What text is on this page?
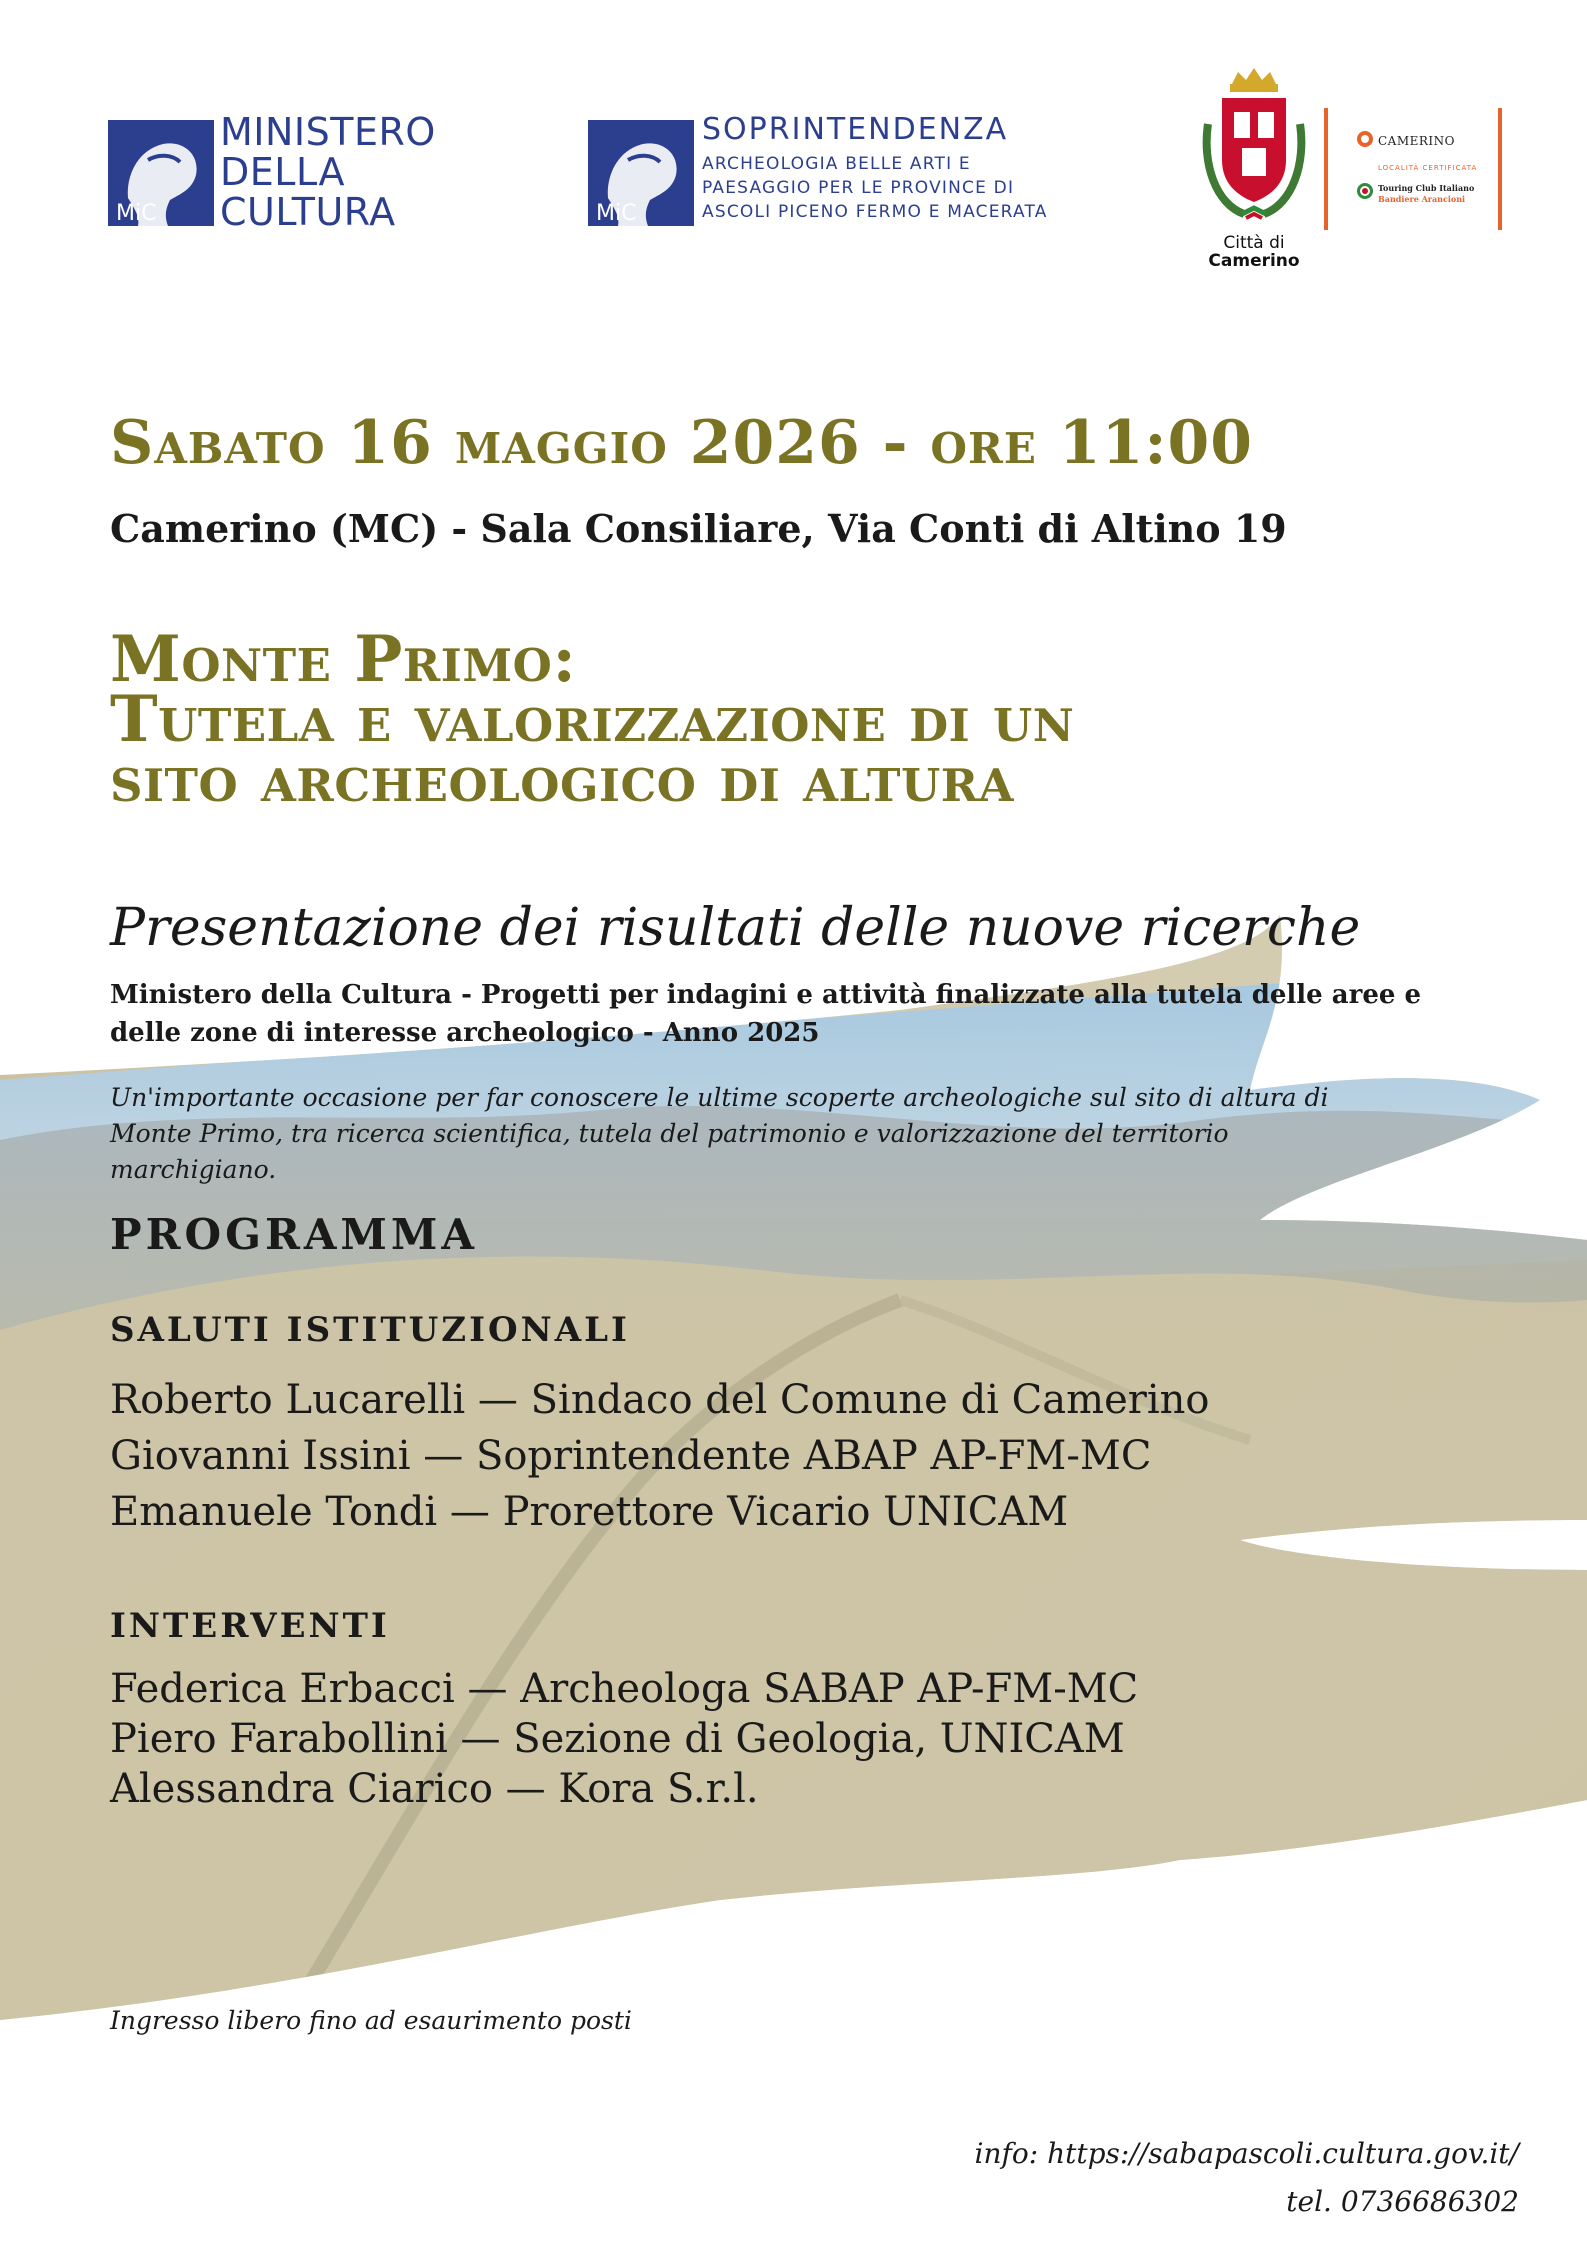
MiC
MINISTERO
DELLA
CULTURA	MiC
SOPRINTENDENZA
ARCHEOLOGIA BELLE ARTI E
PAESAGGIO PER LE PROVINCE DI
ASCOLI PICENO FERMO E MACERATA
Città di
Camerino
CAMERINO
LOCALITÀ CERTIFICATA
Touring Club Italiano
Bandiere Arancioni
Sabato 16 maggio 2026 - ore 11:00
Camerino (MC) - Sala Consiliare, Via Conti di Altino 19
Monte Primo:
Tutela e valorizzazione di un
sito archeologico di altura
Presentazione dei risultati delle nuove ricerche
Ministero della Cultura - Progetti per indagini e attività finalizzate alla tutela delle aree e
delle zone di interesse archeologico - Anno 2025
Un'importante occasione per far conoscere le ultime scoperte archeologiche sul sito di altura di
Monte Primo, tra ricerca scientifica, tutela del patrimonio e valorizzazione del territorio
marchigiano.
PROGRAMMA
SALUTI ISTITUZIONALI
Roberto Lucarelli — Sindaco del Comune di Camerino
Giovanni Issini — Soprintendente ABAP AP-FM-MC
Emanuele Tondi — Prorettore Vicario UNICAM
INTERVENTI
Federica Erbacci — Archeologa SABAP AP-FM-MC
Piero Farabollini — Sezione di Geologia, UNICAM
Alessandra Ciarico — Kora S.r.l.
Ingresso libero fino ad esaurimento posti
info: https://sabapascoli.cultura.gov.it/
tel. 0736686302
